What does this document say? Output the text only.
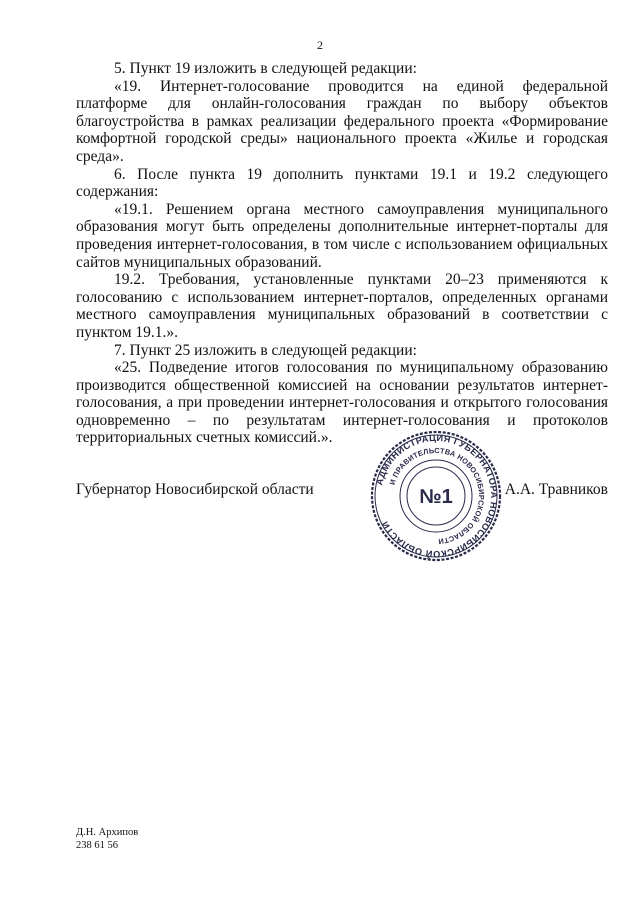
2

5. Пункт 19 изложить в следующей редакции:

«19. Интернет-голосование проводится на единой федеральной платформе для онлайн-голосования граждан по выбору объектов благоустройства в рамках реализации федерального проекта «Формирование комфортной городской среды» национального проекта «Жилье и городская среда».

6. После пункта 19 дополнить пунктами 19.1 и 19.2 следующего содержания:

«19.1. Решением органа местного самоуправления муниципального образования могут быть определены дополнительные интернет-порталы для проведения интернет-голосования, в том числе с использованием официальных сайтов муниципальных образований.

19.2. Требования, установленные пунктами 20–23 применяются к голосованию с использованием интернет-порталов, определенных органами местного самоуправления муниципальных образований в соответствии с пунктом 19.1.».

7. Пункт 25 изложить в следующей редакции:

«25. Подведение итогов голосования по муниципальному образованию производится общественной комиссией на основании результатов интернет-голосования, а при проведении интернет-голосования и открытого голосования одновременно – по результатам интернет-голосования и протоколов территориальных счетных комиссий.».

Губернатор Новосибирской области	А.А. Травников
АДМИНИСТРАЦИЯ ГУБЕРНАТОРА НОВОСИБИРСКОЙ ОБЛАСТИ
И ПРАВИТЕЛЬСТВА НОВОСИБИРСКОЙ ОБЛАСТИ
№1
Д.Н. Архипов
238 61 56
